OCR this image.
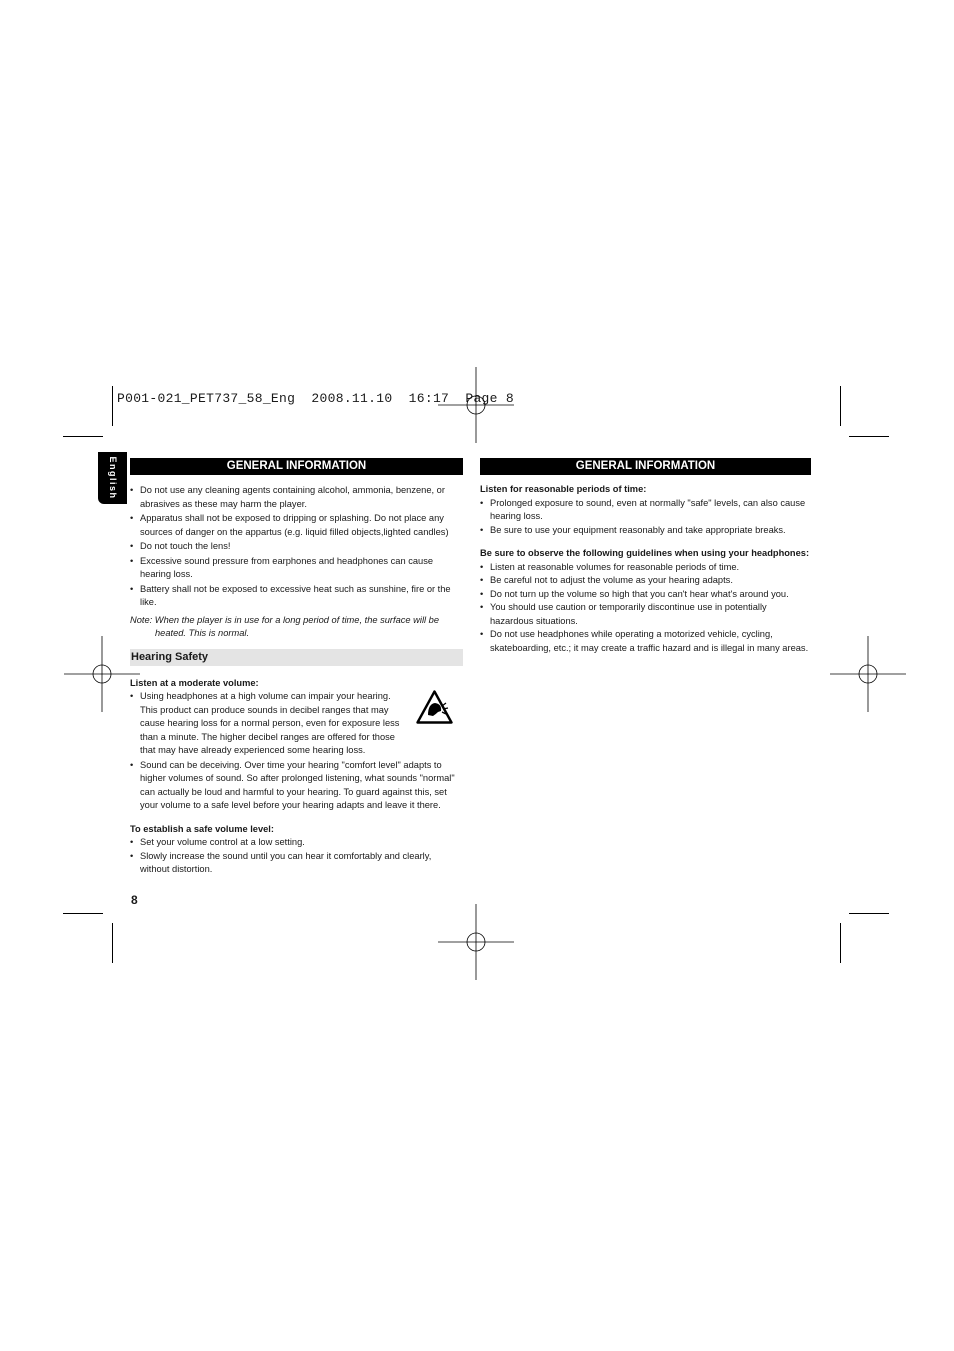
P001-021_PET737_58_Eng  2008.11.10  16:17  Page 8
English	GENERAL INFORMATION
• Do not use any cleaning agents containing alcohol, ammonia, benzene, or abrasives as these may harm the player.
• Apparatus shall not be exposed to dripping or splashing. Do not place any sources of danger on the appartus (e.g. liquid filled objects,lighted candles)
• Do not touch the lens!
• Excessive sound pressure from earphones and headphones can cause hearing loss.
• Battery shall not be exposed to excessive heat such as sunshine, fire or the like.
Note: When the player is in use for a long period of time, the surface will be heated. This is normal.
Hearing Safety

Listen at a moderate volume:

• Using headphones at a high volume can impair your hearing. This product can produce sounds in decibel ranges that may cause hearing loss for a normal person, even for exposure less than a minute. The higher decibel ranges are offered for those that may have already experienced some hearing loss.
• Sound can be deceiving. Over time your hearing "comfort level" adapts to higher volumes of sound. So after prolonged listening, what sounds "normal" can actually be loud and harmful to your hearing. To guard against this, set your volume to a safe level before your hearing adapts and leave it there.

To establish a safe volume level:

• Set your volume control at a low setting.
• Slowly increase the sound until you can hear it comfortably and clearly, without distortion.
GENERAL INFORMATION

Listen for reasonable periods of time:

• Prolonged exposure to sound, even at normally "safe" levels, can also cause hearing loss.
• Be sure to use your equipment reasonably and take appropriate breaks.

Be sure to observe the following guidelines when using your headphones:

• Listen at reasonable volumes for reasonable periods of time.
• Be careful not to adjust the volume as your hearing adapts.
• Do not turn up the volume so high that you can't hear what's around you.
• You should use caution or temporarily discontinue use in potentially hazardous situations.
• Do not use headphones while operating a motorized vehicle, cycling, skateboarding, etc.; it may create a traffic hazard and is illegal in many areas.
8
